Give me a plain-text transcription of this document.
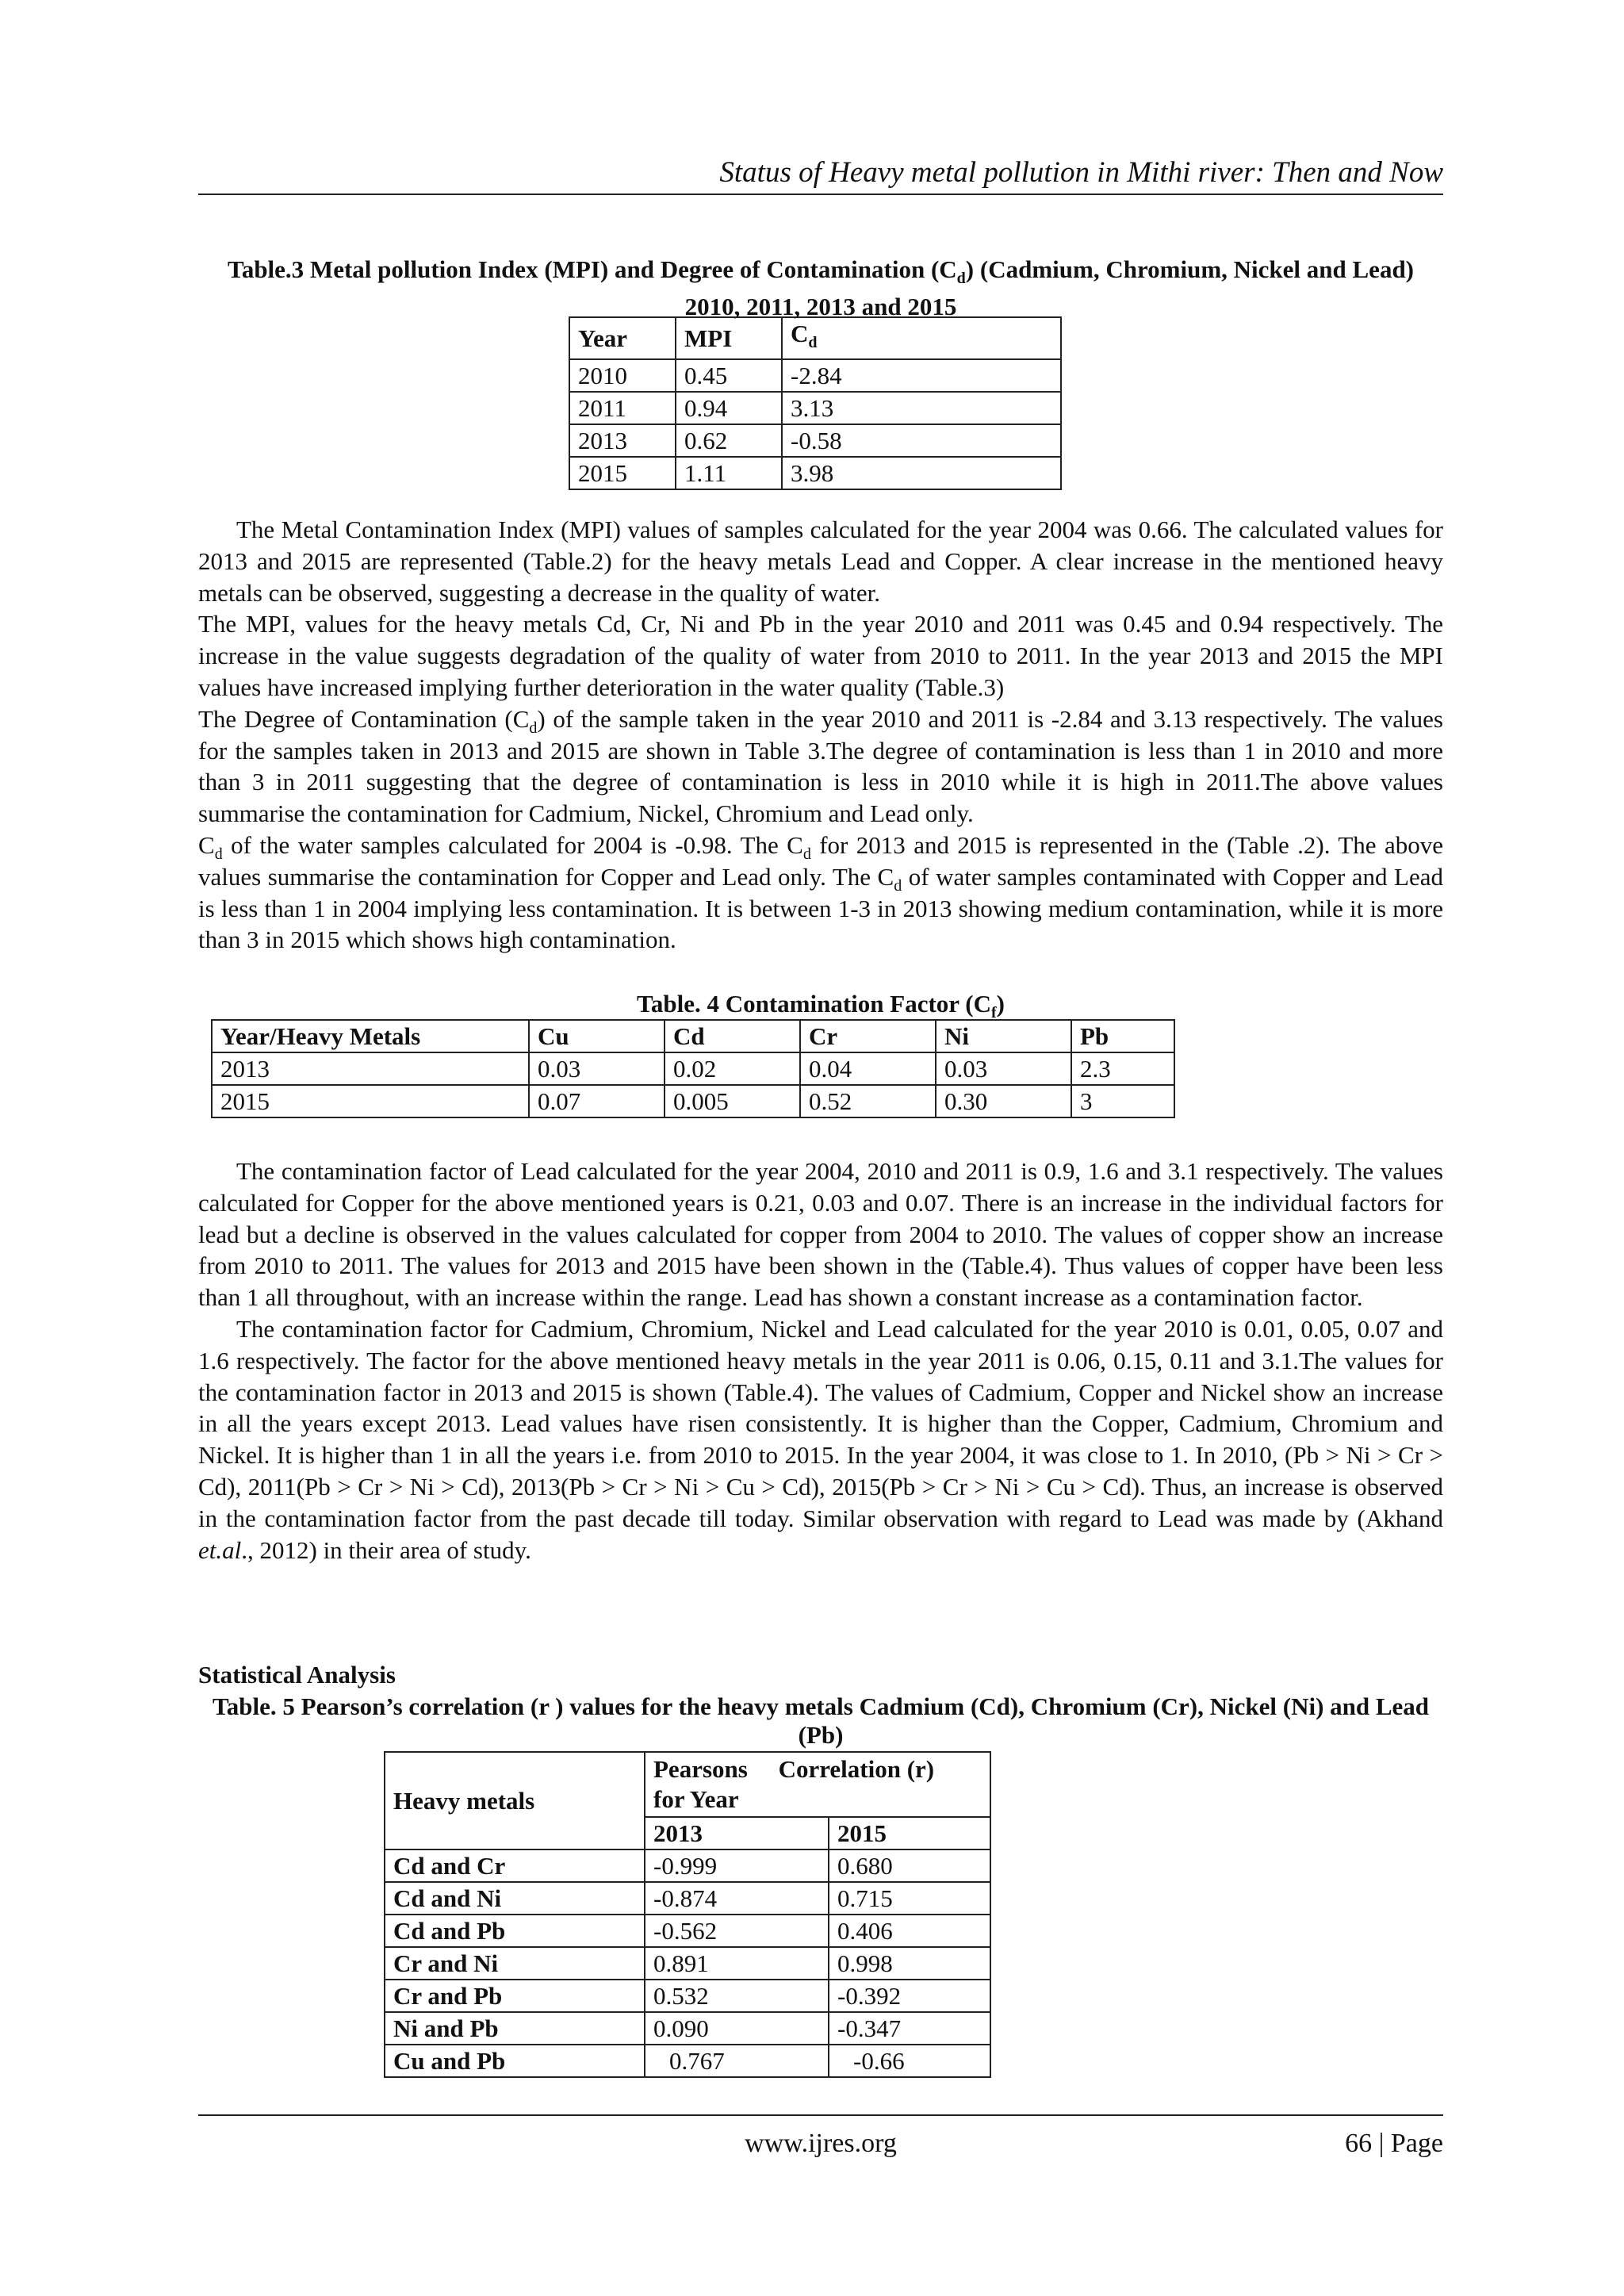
Status of Heavy metal pollution in Mithi river: Then and Now
Table.3 Metal pollution Index (MPI) and Degree of Contamination $(C_d)$ (Cadmium, Chromium, Nickel and Lead) 2010, 2011, 2013 and 2015
Year	MPI	$C_d$
2010	0.45	-2.84
2011	0.94	3.13
2013	0.62	-0.58
2015	1.11	3.98

The Metal Contamination Index (MPI) values of samples calculated for the year 2004 was 0.66. The calculated values for 2013 and 2015 are represented (Table.2) for the heavy metals Lead and Copper. A clear increase in the mentioned heavy metals can be observed, suggesting a decrease in the quality of water.

The MPI, values for the heavy metals Cd, Cr, Ni and Pb in the year 2010 and 2011 was 0.45 and 0.94 respectively. The increase in the value suggests degradation of the quality of water from 2010 to 2011. In the year 2013 and 2015 the MPI values have increased implying further deterioration in the water quality (Table.3)

The Degree of Contamination $(C_d)$ of the sample taken in the year 2010 and 2011 is -2.84 and 3.13 respectively. The values for the samples taken in 2013 and 2015 are shown in Table 3.The degree of contamination is less than 1 in 2010 and more than 3 in 2011 suggesting that the degree of contamination is less in 2010 while it is high in 2011.The above values summarise the contamination for Cadmium, Nickel, Chromium and Lead only.

$C_d$ of the water samples calculated for 2004 is -0.98. The $C_d$ for 2013 and 2015 is represented in the (Table .2). The above values summarise the contamination for Copper and Lead only. The $C_d$ of water samples contaminated with Copper and Lead is less than 1 in 2004 implying less contamination. It is between 1-3 in 2013 showing medium contamination, while it is more than 3 in 2015 which shows high contamination.

Table. 4 Contamination Factor $(C_f)$
Year/Heavy Metals	Cu	Cd	Cr	Ni	Pb
2013	0.03	0.02	0.04	0.03	2.3
2015	0.07	0.005	0.52	0.30	3

The contamination factor of Lead calculated for the year 2004, 2010 and 2011 is 0.9, 1.6 and 3.1 respectively. The values calculated for Copper for the above mentioned years is 0.21, 0.03 and 0.07. There is an increase in the individual factors for lead but a decline is observed in the values calculated for copper from 2004 to 2010. The values of copper show an increase from 2010 to 2011. The values for 2013 and 2015 have been shown in the (Table.4). Thus values of copper have been less than 1 all throughout, with an increase within the range. Lead has shown a constant increase as a contamination factor.

The contamination factor for Cadmium, Chromium, Nickel and Lead calculated for the year 2010 is 0.01, 0.05, 0.07 and 1.6 respectively. The factor for the above mentioned heavy metals in the year 2011 is 0.06, 0.15, 0.11 and 3.1.The values for the contamination factor in 2013 and 2015 is shown (Table.4). The values of Cadmium, Copper and Nickel show an increase in all the years except 2013. Lead values have risen consistently. It is higher than the Copper, Cadmium, Chromium and Nickel. It is higher than 1 in all the years i.e. from 2010 to 2015. In the year 2004, it was close to 1. In 2010, (Pb > Ni > Cr > Cd), 2011(Pb > Cr > Ni > Cd), 2013(Pb > Cr > Ni > Cu > Cd), 2015(Pb > Cr > Ni > Cu > Cd). Thus, an increase is observed in the contamination factor from the past decade till today. Similar observation with regard to Lead was made by (Akhand et.al., 2012) in their area of study.

Statistical Analysis
Table. 5 Pearson’s correlation (r ) values for the heavy metals Cadmium (Cd), Chromium (Cr), Nickel (Ni) and Lead (Pb)
Heavy metals	Pearsons     Correlation (r)
for Year	

	2013	2015
Cd and Cr	-0.999	0.680
Cd and Ni	-0.874	0.715
Cd and Pb	-0.562	0.406
Cr and Ni	0.891	0.998
Cr and Pb	0.532	-0.392
Ni and Pb	0.090	-0.347
Cu and Pb	0.767	-0.66
www.ijres.org	66 | Page
